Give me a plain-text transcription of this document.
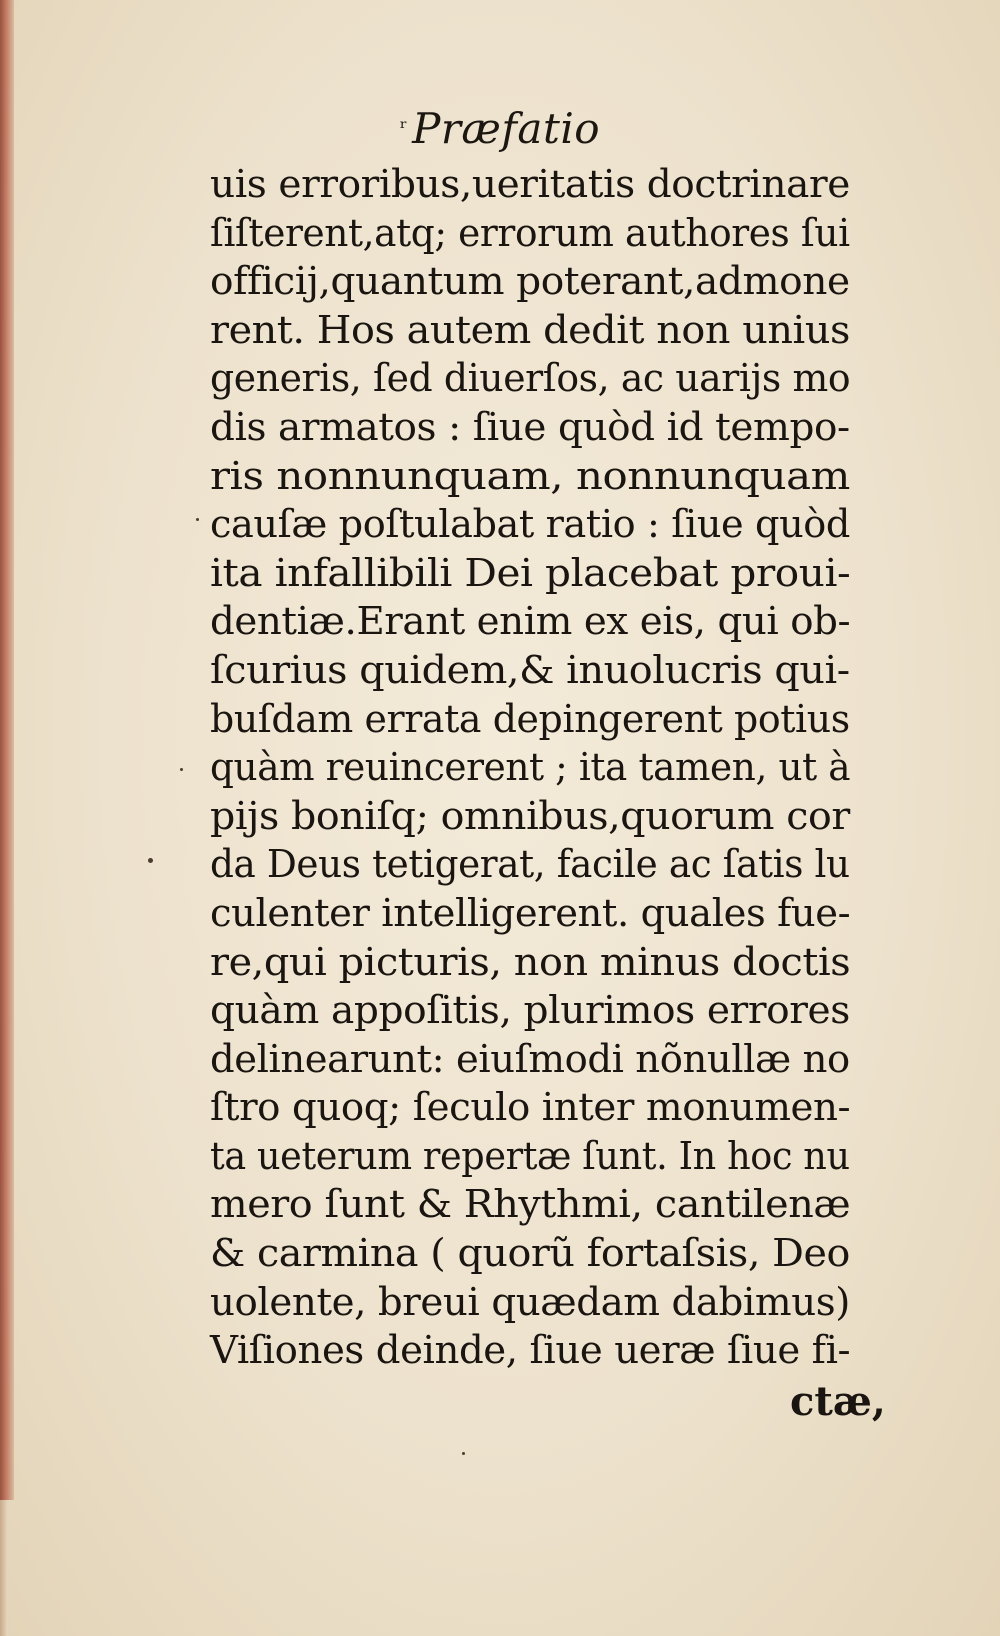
$^ᵣ$Præfatio
uis erroribus,ueritatis doctrinare
ſiſterent,atq; errorum authores ſui
officij,quantum poterant,admone
rent. Hos autem dedit non unius
generis, ſed diuerſos, ac uarijs mo
dis armatos : ſiue quòd id tempo-
ris nonnunquam, nonnunquam
cauſæ poſtulabat ratio : ſiue quòd
ita infallibili Dei placebat proui-
dentiæ.Erant enim ex eis, qui ob-
ſcurius quidem,& inuolucris qui-
buſdam errata depingerent potius
quàm reuincerent ; ita tamen, ut à
pijs boniſq; omnibus,quorum cor
da Deus tetigerat, facile ac ſatis lu
culenter intelligerent. quales fue-
re,qui picturis, non minus doctis
quàm appoſitis, plurimos errores
delinearunt: eiuſmodi nõnullæ no
ſtro quoq; ſeculo inter monumen-
ta ueterum repertæ ſunt. In hoc nu
mero ſunt & Rhythmi, cantilenæ
& carmina ( quorũ fortaſsis, Deo
uolente, breui quædam dabimus)
Viſiones deinde, ſiue ueræ ſiue fi-
ctæ,
